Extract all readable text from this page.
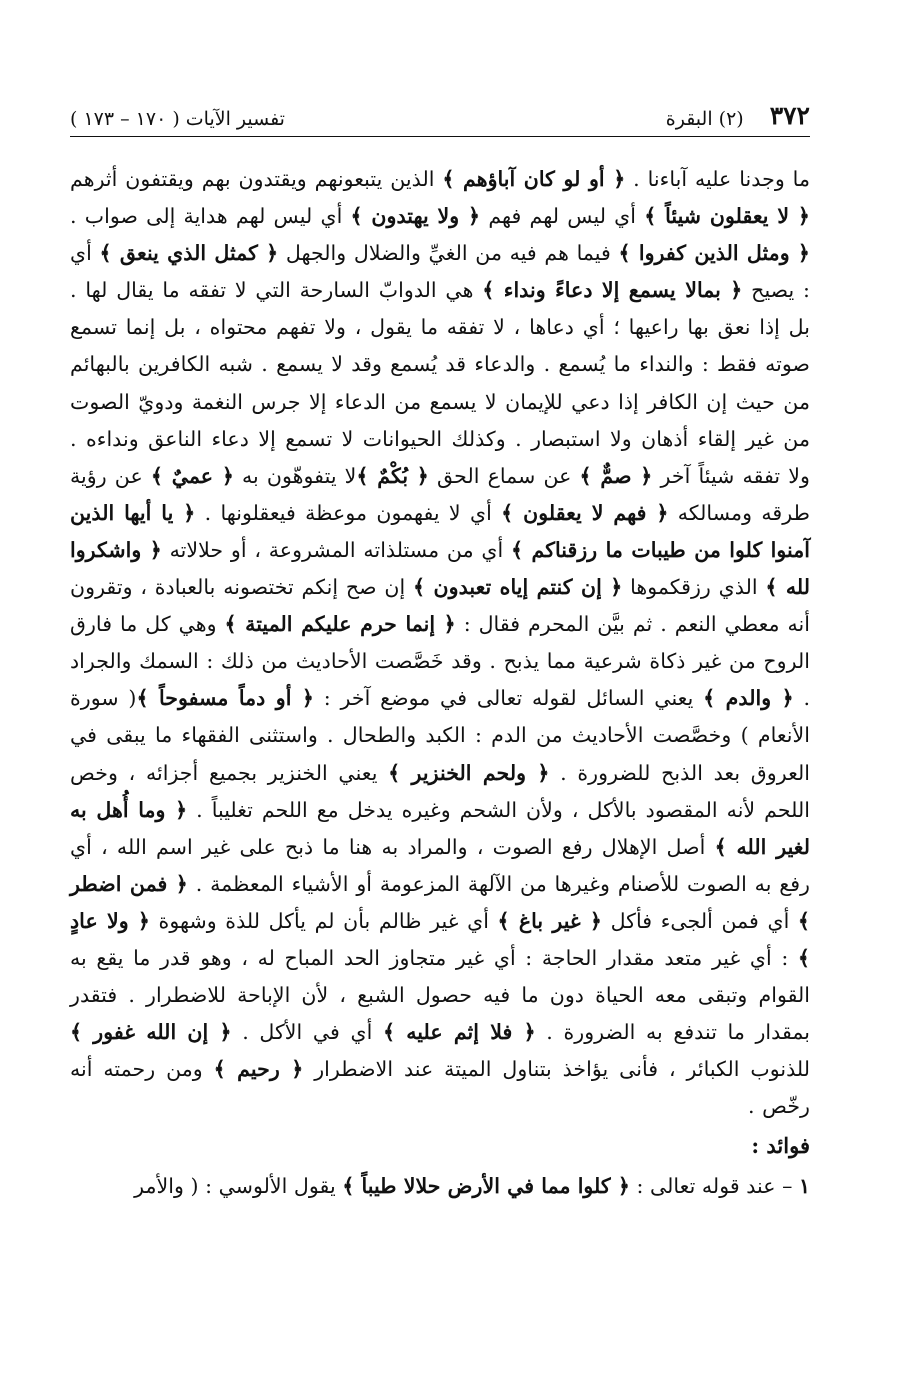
٣٧٢
(٢) البقرة
تفسير الآيات ( ١٧٠ – ١٧٣ )
ما وجدنا عليه آباءنا . ﴿ أو لو كان آباؤهم ﴾ الذين يتبعونهم ويقتدون بهم ويقتفون أثرهم ﴿ لا يعقلون شيئاً ﴾ أي ليس لهم فهم ﴿ ولا يهتدون ﴾ أي ليس لهم هداية إلى صواب . ﴿ ومثل الذين كفروا ﴾ فيما هم فيه من الغيِّ والضلال والجهل ﴿ كمثل الذي ينعق ﴾ أي : يصيح ﴿ بمالا يسمع إلا دعاءً ونداء ﴾ هي الدوابّ السارحة التي لا تفقه ما يقال لها . بل إذا نعق بها راعيها ؛ أي دعاها ، لا تفقه ما يقول ، ولا تفهم محتواه ، بل إنما تسمع صوته فقط : والنداء ما يُسمع . والدعاء قد يُسمع وقد لا يسمع . شبه الكافرين بالبهائم من حيث إن الكافر إذا دعي للإيمان لا يسمع من الدعاء إلا جرس النغمة ودويّ الصوت من غير إلقاء أذهان ولا استبصار . وكذلك الحيوانات لا تسمع إلا دعاء الناعق ونداءه . ولا تفقه شيئاً آخر ﴿ صمٌّ ﴾ عن سماع الحق ﴿ بُكْمٌ ﴾لا يتفوهّون به ﴿ عميٌ ﴾ عن رؤية طرقه ومسالكه ﴿ فهم لا يعقلون ﴾ أي لا يفهمون موعظة فيعقلونها . ﴿ يا أيها الذين آمنوا كلوا من طيبات ما رزقناكم ﴾ أي من مستلذاته المشروعة ، أو حلالاته ﴿ واشكروا لله ﴾ الذي رزقكموها ﴿ إن كنتم إياه تعبدون ﴾ إن صح إنكم تختصونه بالعبادة ، وتقرون أنه معطي النعم . ثم بيَّن المحرم فقال : ﴿ إنما حرم عليكم الميتة ﴾ وهي كل ما فارق الروح من غير ذكاة شرعية مما يذبح . وقد خَصَّصت الأحاديث من ذلك : السمك والجراد . ﴿ والدم ﴾ يعني السائل لقوله تعالى في موضع آخر : ﴿ أو دماً مسفوحاً ﴾( سورة الأنعام ) وخصَّصت الأحاديث من الدم : الكبد والطحال . واستثنى الفقهاء ما يبقى في العروق بعد الذبح للضرورة . ﴿ ولحم الخنزير ﴾ يعني الخنزير بجميع أجزائه ، وخص اللحم لأنه المقصود بالأكل ، ولأن الشحم وغيره يدخل مع اللحم تغليباً . ﴿ وما أُهل به لغير الله ﴾ أصل الإهلال رفع الصوت ، والمراد به هنا ما ذبح على غير اسم الله ، أي رفع به الصوت للأصنام وغيرها من الآلهة المزعومة أو الأشياء المعظمة . ﴿ فمن اضطر ﴾ أي فمن ألجىء فأكل ﴿ غير باغ ﴾ أي غير ظالم بأن لم يأكل للذة وشهوة ﴿ ولا عادٍ ﴾ : أي غير متعد مقدار الحاجة : أي غير متجاوز الحد المباح له ، وهو قدر ما يقع به القوام وتبقى معه الحياة دون ما فيه حصول الشبع ، لأن الإباحة للاضطرار . فتقدر بمقدار ما تندفع به الضرورة . ﴿ فلا إثم عليه ﴾ أي في الأكل . ﴿ إن الله غفور ﴾ للذنوب الكبائر ، فأنى يؤاخذ بتناول الميتة عند الاضطرار ﴿ رحيم ﴾ ومن رحمته أنه رخّص .
فوائد :
١ – عند قوله تعالى : ﴿ كلوا مما في الأرض حلالا طيباً ﴾ يقول الألوسي : ( والأمر
